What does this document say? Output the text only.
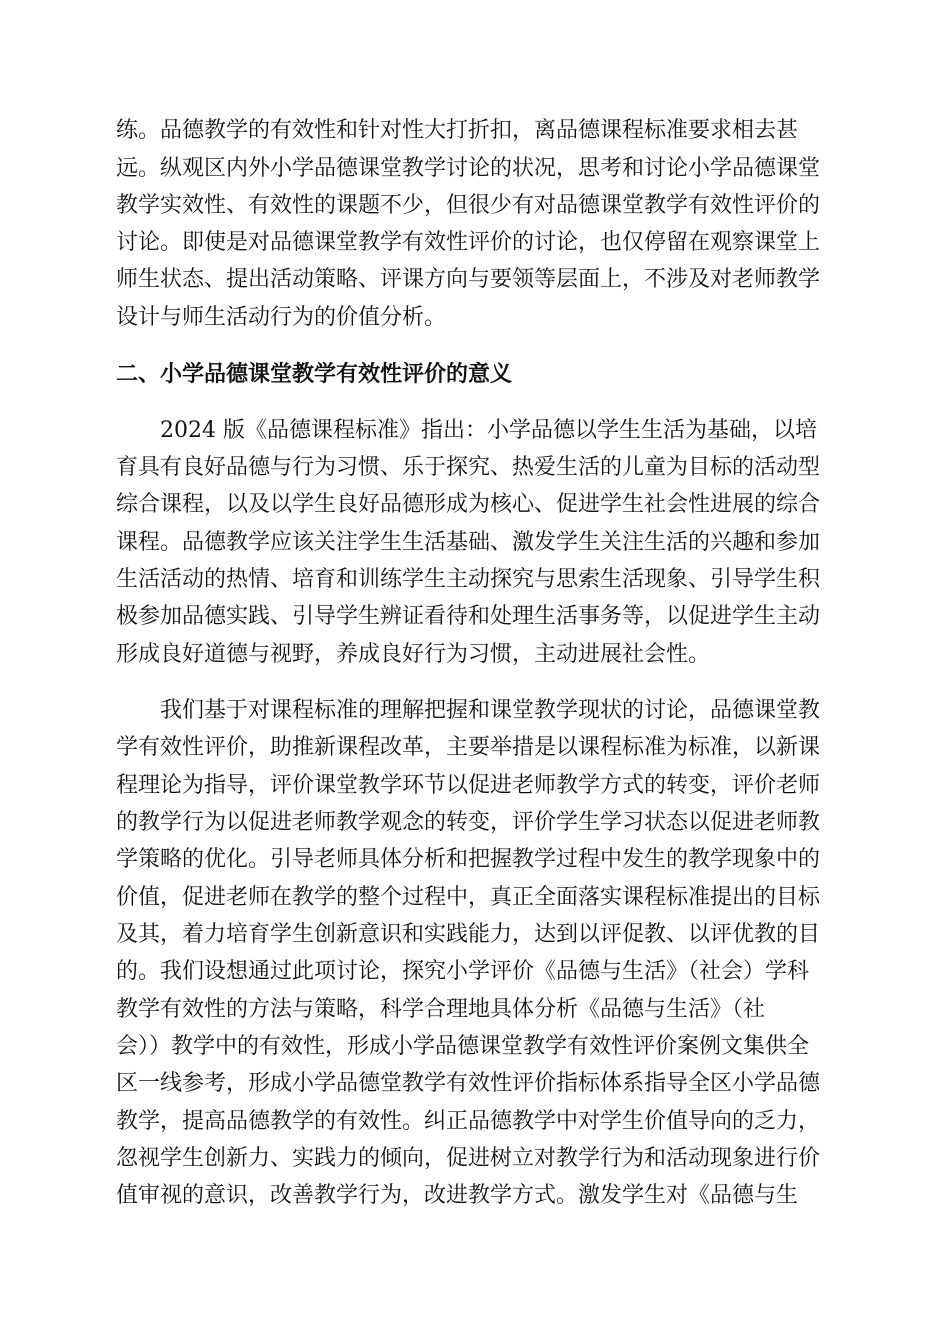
练。品德教学的有效性和针对性大打折扣，离品德课程标准要求相去甚
远。纵观区内外小学品德课堂教学讨论的状况，思考和讨论小学品德课堂
教学实效性、有效性的课题不少，但很少有对品德课堂教学有效性评价的
讨论。即使是对品德课堂教学有效性评价的讨论，也仅停留在观察课堂上
师生状态、提出活动策略、评课方向与要领等层面上，不涉及对老师教学
设计与师生活动行为的价值分析。
二、小学品德课堂教学有效性评价的意义
2024 版《品德课程标准》指出：小学品德以学生生活为基础，以培
育具有良好品德与行为习惯、乐于探究、热爱生活的儿童为目标的活动型
综合课程，以及以学生良好品德形成为核心、促进学生社会性进展的综合
课程。品德教学应该关注学生生活基础、激发学生关注生活的兴趣和参加
生活活动的热情、培育和训练学生主动探究与思索生活现象、引导学生积
极参加品德实践、引导学生辨证看待和处理生活事务等，以促进学生主动
形成良好道德与视野，养成良好行为习惯，主动进展社会性。
我们基于对课程标准的理解把握和课堂教学现状的讨论，品德课堂教
学有效性评价，助推新课程改革，主要举措是以课程标准为标准，以新课
程理论为指导，评价课堂教学环节以促进老师教学方式的转变，评价老师
的教学行为以促进老师教学观念的转变，评价学生学习状态以促进老师教
学策略的优化。引导老师具体分析和把握教学过程中发生的教学现象中的
价值，促进老师在教学的整个过程中，真正全面落实课程标准提出的目标
及其，着力培育学生创新意识和实践能力，达到以评促教、以评优教的目
的。我们设想通过此项讨论，探究小学评价《品德与生活》（社会）学科
教学有效性的方法与策略，科学合理地具体分析《品德与生活》（社
会））教学中的有效性，形成小学品德课堂教学有效性评价案例文集供全
区一线参考，形成小学品德堂教学有效性评价指标体系指导全区小学品德
教学，提高品德教学的有效性。纠正品德教学中对学生价值导向的乏力，
忽视学生创新力、实践力的倾向，促进树立对教学行为和活动现象进行价
值审视的意识，改善教学行为，改进教学方式。激发学生对《品德与生
